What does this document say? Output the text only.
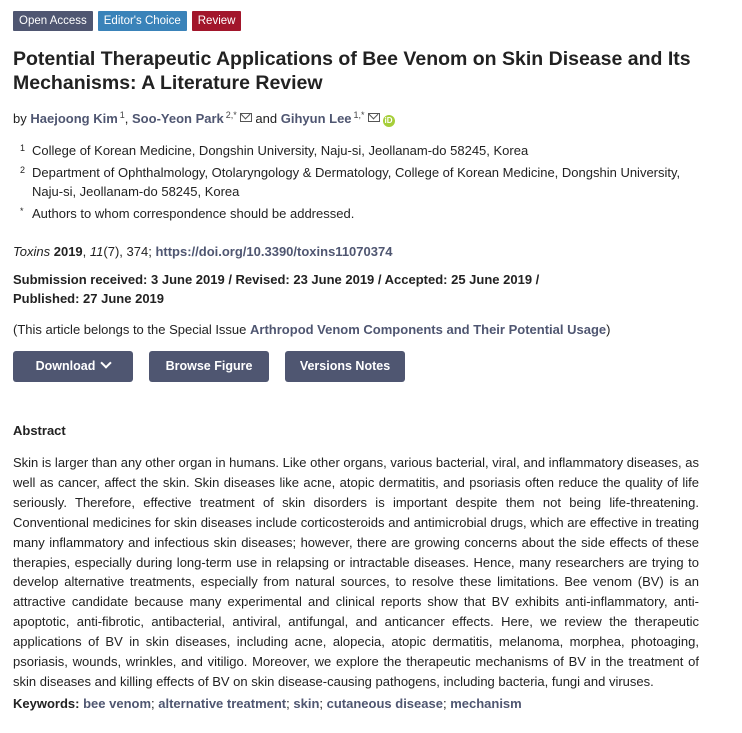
Open Access	Editor's Choice	Review
Potential Therapeutic Applications of Bee Venom on Skin Disease and Its Mechanisms: A Literature Review
by Haejoong Kim $^1$, Soo-Yeon Park $^{2,*}$ and Gihyun Lee $^{1,*}$iD
1 College of Korean Medicine, Dongshin University, Naju-si, Jeollanam-do 58245, Korea
2 Department of Ophthalmology, Otolaryngology & Dermatology, College of Korean Medicine, Dongshin University, Naju-si, Jeollanam-do 58245, Korea
* Authors to whom correspondence should be addressed.
Toxins 2019, 11(7), 374; https://doi.org/10.3390/toxins11070374
Submission received: 3 June 2019 / Revised: 23 June 2019 / Accepted: 25 June 2019 / Published: 27 June 2019
(This article belongs to the Special Issue Arthropod Venom Components and Their Potential Usage)
Download	Browse Figure	Versions Notes
Abstract
Skin is larger than any other organ in humans. Like other organs, various bacterial, viral, and inflammatory diseases, as well as cancer, affect the skin. Skin diseases like acne, atopic dermatitis, and psoriasis often reduce the quality of life seriously. Therefore, effective treatment of skin disorders is important despite them not being life-threatening. Conventional medicines for skin diseases include corticosteroids and antimicrobial drugs, which are effective in treating many inflammatory and infectious skin diseases; however, there are growing concerns about the side effects of these therapies, especially during long-term use in relapsing or intractable diseases. Hence, many researchers are trying to develop alternative treatments, especially from natural sources, to resolve these limitations. Bee venom (BV) is an attractive candidate because many experimental and clinical reports show that BV exhibits anti-inflammatory, anti-apoptotic, anti-fibrotic, antibacterial, antiviral, antifungal, and anticancer effects. Here, we review the therapeutic applications of BV in skin diseases, including acne, alopecia, atopic dermatitis, melanoma, morphea, photoaging, psoriasis, wounds, wrinkles, and vitiligo. Moreover, we explore the therapeutic mechanisms of BV in the treatment of skin diseases and killing effects of BV on skin disease-causing pathogens, including bacteria, fungi and viruses.
Keywords: bee venom; alternative treatment; skin; cutaneous disease; mechanism
